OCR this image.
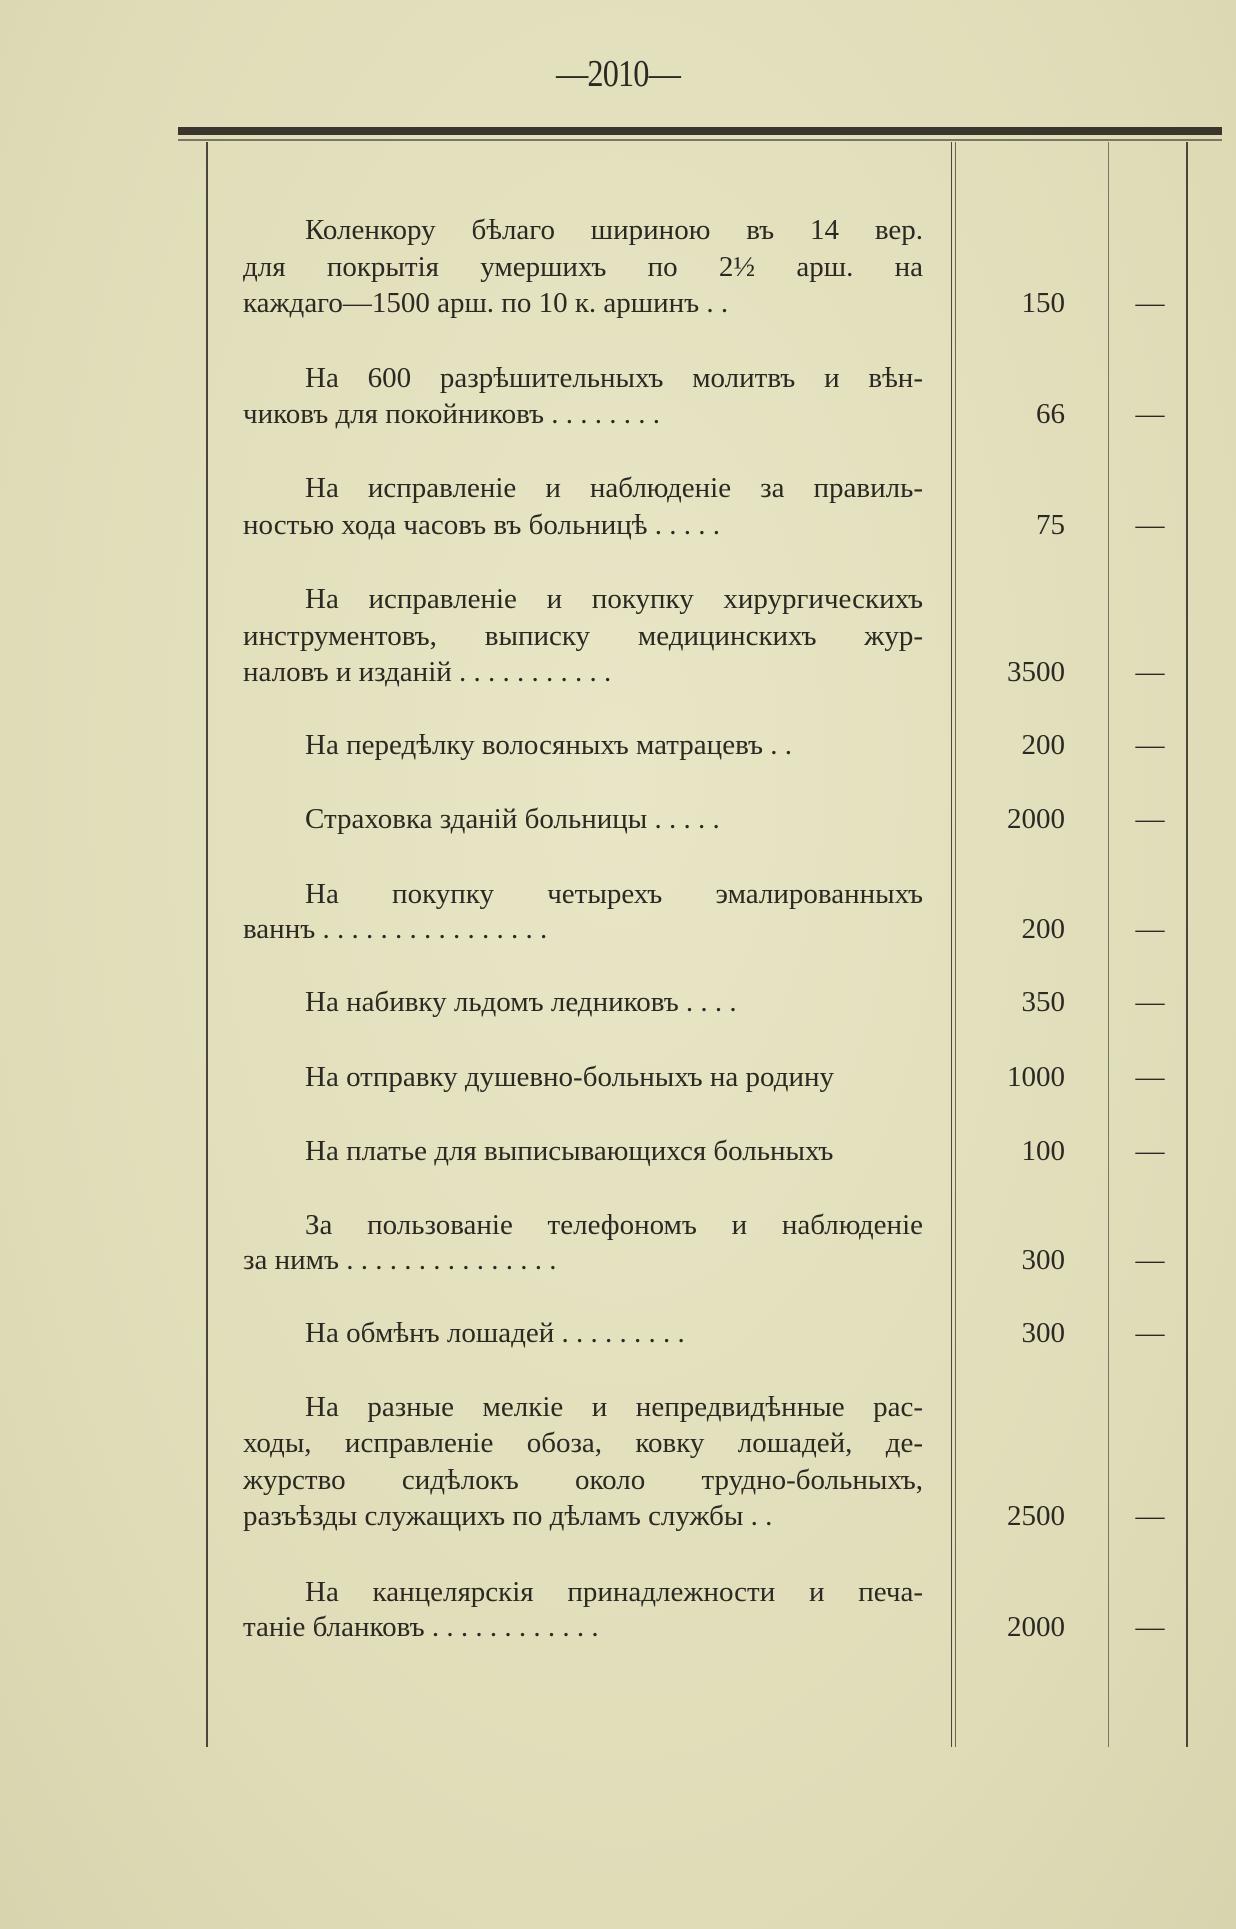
—2010—
Коленкору бѣлаго шириною въ 14 вер.
для покрытія умершихъ по 2½ арш. на
каждаго—1500 арш. по 10 к. аршинъ . .	150	—
На 600 разрѣшительныхъ молитвъ и вѣн-
чиковъ для покойниковъ . . . . . . . .	66	—
На исправленіе и наблюденіе за правиль-
ностью хода часовъ въ больницѣ . . . . .	75	—
На исправленіе и покупку хирургическихъ
инструментовъ, выписку медицинскихъ жур-
наловъ и изданій . . . . . . . . . . .	3500	—
На передѣлку волосяныхъ матрацевъ . .	200	—
Страховка зданій больницы . . . . .	2000	—
На покупку четырехъ эмалированныхъ
ваннъ . . . . . . . . . . . . . . . .	200	—
На набивку льдомъ ледниковъ . . . .	350	—
На отправку душевно-больныхъ на родину	1000	—
На платье для выписывающихся больныхъ	100	—
За пользованіе телефономъ и наблюденіе
за нимъ . . . . . . . . . . . . . . .	300	—
На обмѣнъ лошадей . . . . . . . . .	300	—
На разные мелкіе и непредвидѣнные рас-
ходы, исправленіе обоза, ковку лошадей, де-
журство сидѣлокъ около трудно-больныхъ,
разъѣзды служащихъ по дѣламъ службы . .	2500	—
На канцелярскія принадлежности и печа-
таніе бланковъ . . . . . . . . . . . .	2000	—
